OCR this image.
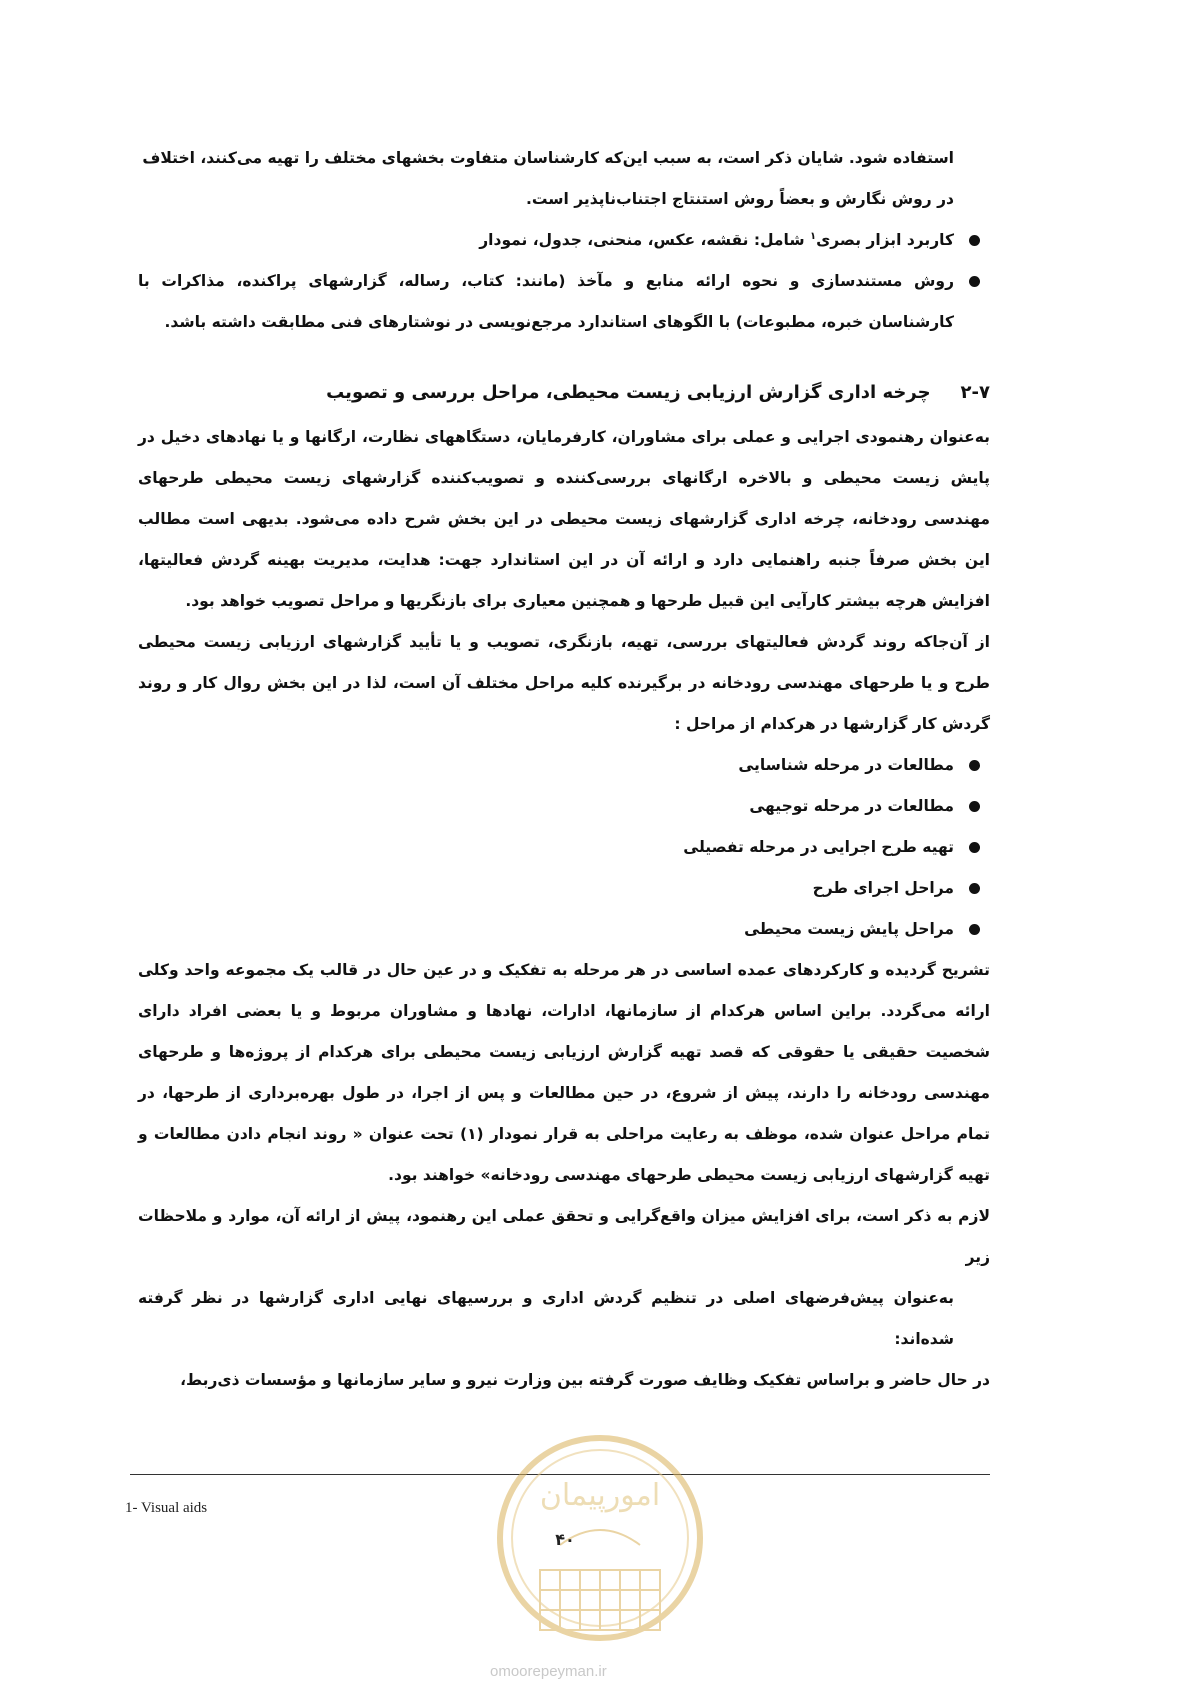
استفاده شود. شایان ذکر است، به سبب این‌که کارشناسان متفاوت بخشهای مختلف را تهیه می‌کنند، اختلاف

در روش نگارش و بعضاً روش استنتاج اجتناب‌ناپذیر است.

کاربرد ابزار بصری$^۱$ شامل: نقشه، عکس، منحنی، جدول، نمودار
روش مستندسازی و نحوه ارائه منابع و مآخذ (مانند: کتاب، رساله، گزارشهای پراکنده، مذاکرات با کارشناسان خبره، مطبوعات) با الگوهای استاندارد مرجع‌نویسی در نوشتارهای فنی مطابقت داشته باشد.
۲-۷چرخه اداری گزارش ارزیابی زیست محیطی، مراحل بررسی و تصویب

به‌عنوان رهنمودی اجرایی و عملی برای مشاوران، کارفرمایان، دستگاههای نظارت، ارگانها و یا نهادهای دخیل در پایش زیست محیطی و بالاخره ارگانهای بررسی‌کننده و تصویب‌کننده گزارشهای زیست محیطی طرحهای مهندسی رودخانه، چرخه اداری گزارشهای زیست محیطی در این بخش شرح داده می‌شود. بدیهی است مطالب این بخش صرفاً جنبه راهنمایی دارد و ارائه آن در این استاندارد جهت: هدایت، مدیریت بهینه گردش فعالیتها، افزایش هرچه بیشتر کارآیی این قبیل طرحها و همچنین معیاری برای بازنگریها و مراحل تصویب خواهد بود.

از آن‌جاکه روند گردش فعالیتهای بررسی، تهیه، بازنگری، تصویب و یا تأیید گزارشهای ارزیابی زیست محیطی طرح و یا طرحهای مهندسی رودخانه در برگیرنده کلیه مراحل مختلف آن است، لذا در این بخش روال کار و روند گردش کار گزارشها در هرکدام از مراحل :

مطالعات در مرحله شناسایی
مطالعات در مرحله توجیهی
تهیه طرح اجرایی در مرحله تفصیلی
مراحل اجرای طرح
مراحل پایش زیست محیطی

تشریح گردیده و کارکردهای عمده اساسی در هر مرحله به تفکیک و در عین حال در قالب یک مجموعه واحد وکلی ارائه می‌گردد. براین اساس هرکدام از سازمانها، ادارات، نهادها و مشاوران مربوط و یا بعضی افراد دارای شخصیت حقیقی یا حقوقی که قصد تهیه گزارش ارزیابی زیست محیطی برای هرکدام از پروژه‌ها و طرحهای مهندسی رودخانه را دارند، پیش از شروع، در حین مطالعات و پس از اجرا، در طول بهره‌برداری از طرحها، در تمام مراحل عنوان شده، موظف به رعایت مراحلی به قرار نمودار (۱) تحت عنوان « روند انجام دادن مطالعات و تهیه گزارشهای ارزیابی زیست محیطی طرحهای مهندسی رودخانه» خواهند بود.

لازم به ذکر است، برای افزایش میزان واقع‌گرایی و تحقق عملی این رهنمود، پیش از ارائه آن، موارد و ملاحظات زیر

به‌عنوان پیش‌فرضهای اصلی در تنظیم گردش اداری و بررسیهای نهایی اداری گزارشها در نظر گرفته شده‌اند:

در حال حاضر و براساس تفکیک وظایف صورت گرفته بین وزارت نیرو و سایر سازمانها و مؤسسات ذی‌ربط،

1- Visual aids	امورپیمان
۴۰
omoorepeyman.ir
